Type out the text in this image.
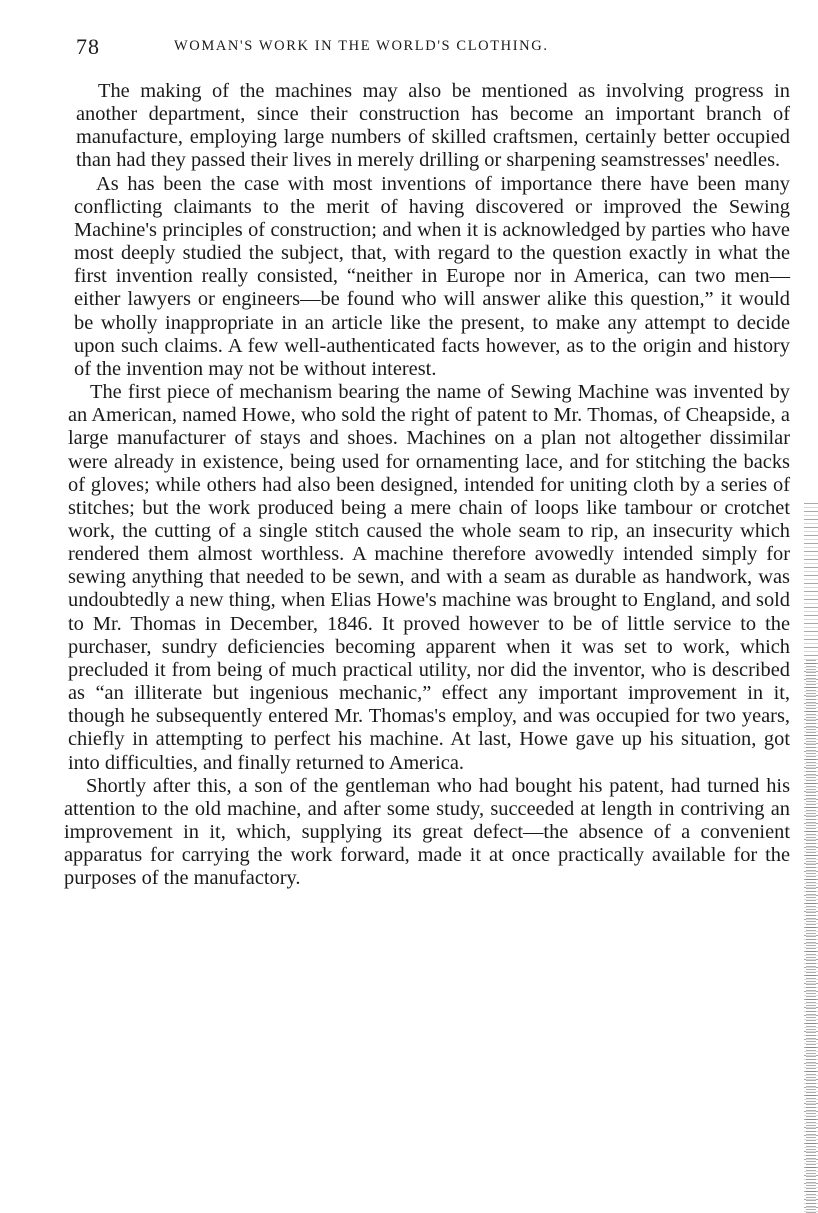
78	WOMAN'S WORK IN THE WORLD'S CLOTHING.

The making of the machines may also be mentioned as involving progress in another department, since their construction has become an important branch of manufacture, employing large numbers of skilled craftsmen, certainly better occupied than had they passed their lives in merely drilling or sharpening seamstresses' needles.

As has been the case with most inventions of importance there have been many conflicting claimants to the merit of having discovered or improved the Sewing Machine's principles of construction; and when it is acknowledged by parties who have most deeply studied the subject, that, with regard to the question exactly in what the first invention really consisted, “neither in Europe nor in America, can two men—either lawyers or engineers—be found who will answer alike this question,” it would be wholly inappropriate in an article like the present, to make any attempt to decide upon such claims. A few well-authenticated facts however, as to the origin and history of the invention may not be without interest.

The first piece of mechanism bearing the name of Sewing Machine was invented by an American, named Howe, who sold the right of patent to Mr. Thomas, of Cheapside, a large manufacturer of stays and shoes. Machines on a plan not altogether dissimilar were already in existence, being used for ornamenting lace, and for stitching the backs of gloves; while others had also been designed, intended for uniting cloth by a series of stitches; but the work produced being a mere chain of loops like tambour or crotchet work, the cutting of a single stitch caused the whole seam to rip, an insecurity which rendered them almost worthless. A machine therefore avowedly intended simply for sewing anything that needed to be sewn, and with a seam as durable as handwork, was undoubtedly a new thing, when Elias Howe's machine was brought to England, and sold to Mr. Thomas in December, 1846. It proved however to be of little service to the purchaser, sundry deficiencies becoming apparent when it was set to work, which precluded it from being of much practical utility, nor did the inventor, who is described as “an illiterate but ingenious mechanic,” effect any important improvement in it, though he subsequently entered Mr. Thomas's employ, and was occupied for two years, chiefly in attempting to perfect his machine. At last, Howe gave up his situation, got into difficulties, and finally returned to America.

Shortly after this, a son of the gentleman who had bought his patent, had turned his attention to the old machine, and after some study, succeeded at length in contriving an improvement in it, which, supplying its great defect—the absence of a convenient apparatus for carrying the work forward, made it at once practically available for the purposes of the manufactory.
